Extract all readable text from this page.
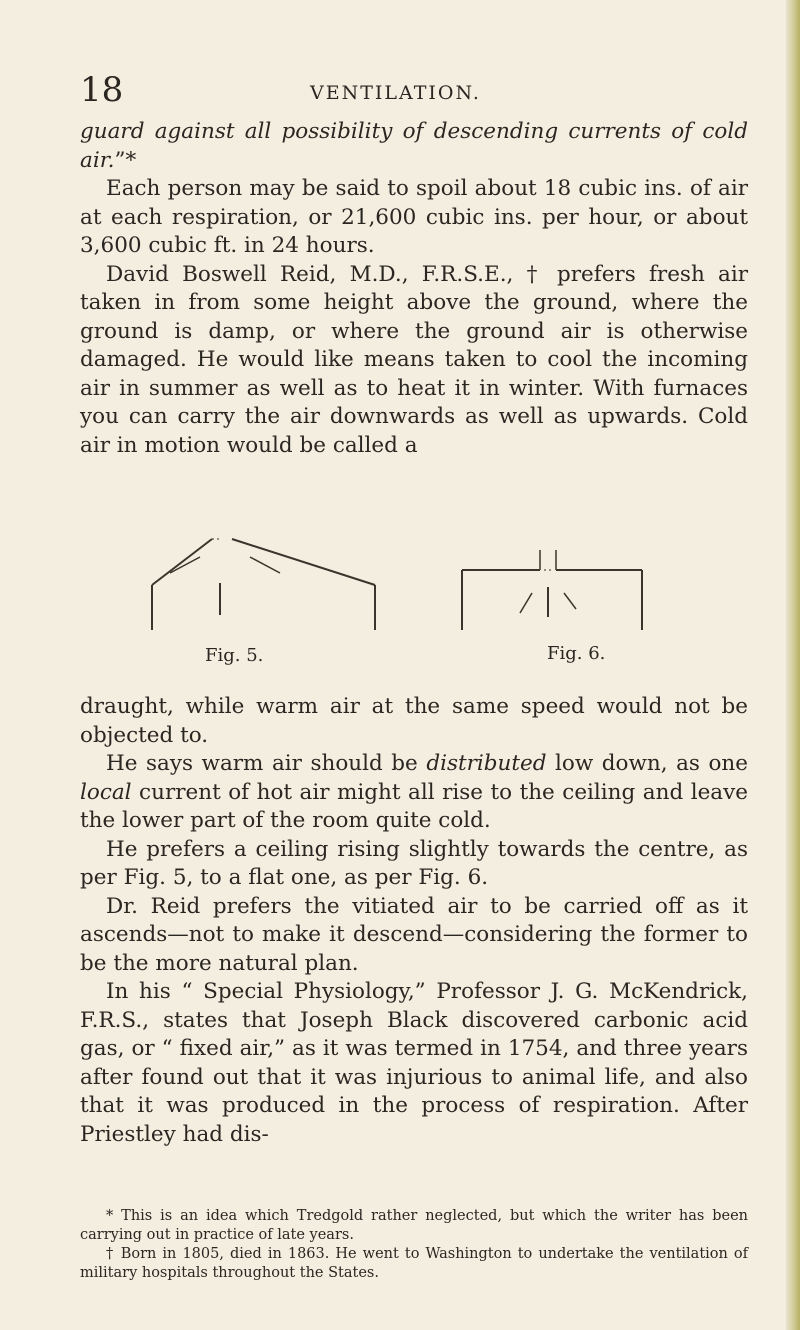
18	VENTILATION.

guard against all possibility of descending currents of cold air.”*

Each person may be said to spoil about 18 cubic ins. of air at each respiration, or 21,600 cubic ins. per hour, or about 3,600 cubic ft. in 24 hours.

David Boswell Reid, M.D., F.R.S.E., † prefers fresh air taken in from some height above the ground, where the ground is damp, or where the ground air is otherwise damaged. He would like means taken to cool the incoming air in summer as well as to heat it in winter. With furnaces you can carry the air downwards as well as upwards. Cold air in motion would be called a

Fig. 5.	Fig. 6.

draught, while warm air at the same speed would not be objected to.

He says warm air should be distributed low down, as one local current of hot air might all rise to the ceiling and leave the lower part of the room quite cold.

He prefers a ceiling rising slightly towards the centre, as per Fig. 5, to a flat one, as per Fig. 6.

Dr. Reid prefers the vitiated air to be carried off as it ascends—not to make it descend—considering the former to be the more natural plan.

In his “ Special Physiology,” Professor J. G. McKendrick, F.R.S., states that Joseph Black discovered carbonic acid gas, or “ fixed air,” as it was termed in 1754, and three years after found out that it was injurious to animal life, and also that it was produced in the process of respiration. After Priestley had dis-

* This is an idea which Tredgold rather neglected, but which the writer has been carrying out in practice of late years.

† Born in 1805, died in 1863. He went to Washington to undertake the ventilation of military hospitals throughout the States.
